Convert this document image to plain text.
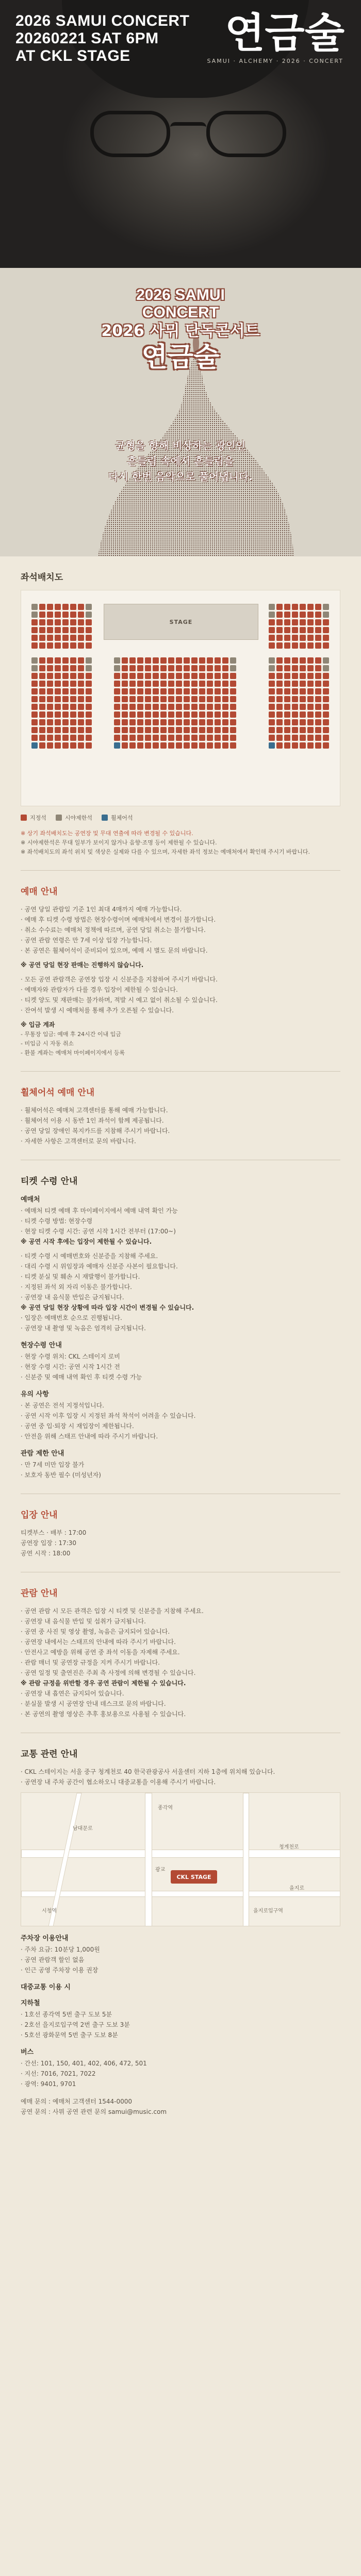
2026 SAMUI CONCERT
20260221 SAT 6PM
AT CKL STAGE	연금술
SAMUI · ALCHEMY · 2026 · CONCERT
2026 SAMUI
CONCERT
2026 사뮈 단독콘서트
연금술
균형을 향해 비상하는 광인인
흔들림 속에서 흔들림을
다시 한번 음악으로 풀어냅니다.
좌석배치도
STAGE
지정석	시야제한석	휠체어석
※ 상기 좌석배치도는 공연장 및 무대 연출에 따라 변경될 수 있습니다.
※ 시야제한석은 무대 일부가 보이지 않거나 음향·조명 등이 제한될 수 있습니다.
※ 좌석배치도의 좌석 위치 및 색상은 실제와 다를 수 있으며, 자세한 좌석 정보는 예매처에서 확인해 주시기 바랍니다.
예매 안내
· 공연 당일 관람일 기준 1인 최대 4매까지 예매 가능합니다.
· 예매 후 티켓 수령 방법은 현장수령이며 예매처에서 변경이 불가합니다.
· 취소 수수료는 예매처 정책에 따르며, 공연 당일 취소는 불가합니다.
· 공연 관람 연령은 만 7세 이상 입장 가능합니다.
· 본 공연은 휠체어석이 준비되어 있으며, 예매 시 별도 문의 바랍니다.
※ 공연 당일 현장 판매는 진행하지 않습니다.
· 모든 공연 관람객은 공연장 입장 시 신분증을 지참하여 주시기 바랍니다.
· 예매자와 관람자가 다를 경우 입장이 제한될 수 있습니다.
· 티켓 양도 및 재판매는 불가하며, 적발 시 예고 없이 취소될 수 있습니다.
· 잔여석 발생 시 예매처를 통해 추가 오픈될 수 있습니다.
※ 입금 계좌
- 무통장 입금: 예매 후 24시간 이내 입금
- 미입금 시 자동 취소
- 환불 계좌는 예매처 마이페이지에서 등록
휠체어석 예매 안내
· 휠체어석은 예매처 고객센터를 통해 예매 가능합니다.
· 휠체어석 이용 시 동반 1인 좌석이 함께 제공됩니다.
· 공연 당일 장애인 복지카드를 지참해 주시기 바랍니다.
· 자세한 사항은 고객센터로 문의 바랍니다.
티켓 수령 안내
예매처
· 예매처 티켓 예매 후 마이페이지에서 예매 내역 확인 가능
· 티켓 수령 방법: 현장수령
· 현장 티켓 수령 시간: 공연 시작 1시간 전부터 (17:00~)
※ 공연 시작 후에는 입장이 제한될 수 있습니다.
· 티켓 수령 시 예매번호와 신분증을 지참해 주세요.
· 대리 수령 시 위임장과 예매자 신분증 사본이 필요합니다.
· 티켓 분실 및 훼손 시 재발행이 불가합니다.
· 지정된 좌석 외 자리 이동은 불가합니다.
· 공연장 내 음식물 반입은 금지됩니다.
※ 공연 당일 현장 상황에 따라 입장 시간이 변경될 수 있습니다.
· 입장은 예매번호 순으로 진행됩니다.
· 공연장 내 촬영 및 녹음은 엄격히 금지됩니다.
현장수령 안내
· 현장 수령 위치: CKL 스테이지 로비
· 현장 수령 시간: 공연 시작 1시간 전
· 신분증 및 예매 내역 확인 후 티켓 수령 가능
유의 사항
· 본 공연은 전석 지정석입니다.
· 공연 시작 이후 입장 시 지정된 좌석 착석이 어려울 수 있습니다.
· 공연 중 입·퇴장 시 재입장이 제한됩니다.
· 안전을 위해 스태프 안내에 따라 주시기 바랍니다.
관람 제한 안내
· 만 7세 미만 입장 불가
· 보호자 동반 필수 (미성년자)
입장 안내
티켓부스 · 배부 : 17:00
공연장 입장 : 17:30
공연 시작 : 18:00
관람 안내
· 공연 관람 시 모든 관객은 입장 시 티켓 및 신분증을 지참해 주세요.
· 공연장 내 음식물 반입 및 섭취가 금지됩니다.
· 공연 중 사진 및 영상 촬영, 녹음은 금지되어 있습니다.
· 공연장 내에서는 스태프의 안내에 따라 주시기 바랍니다.
· 안전사고 예방을 위해 공연 중 좌석 이동을 자제해 주세요.
· 관람 매너 및 공연장 규정을 지켜 주시기 바랍니다.
· 공연 일정 및 출연진은 주최 측 사정에 의해 변경될 수 있습니다.
※ 관람 규정을 위반할 경우 공연 관람이 제한될 수 있습니다.
· 공연장 내 흡연은 금지되어 있습니다.
· 분실물 발생 시 공연장 안내 데스크로 문의 바랍니다.
· 본 공연의 촬영 영상은 추후 홍보용으로 사용될 수 있습니다.
교통 관련 안내
· CKL 스테이지는 서울 중구 청계천로 40 한국관광공사 서울센터 지하 1층에 위치해 있습니다.
· 공연장 내 주차 공간이 협소하오니 대중교통을 이용해 주시기 바랍니다.
청계천로
종각역
을지로입구역
광교
을지로
남대문로
시청역
CKL STAGE
주차장 이용안내
· 주차 요금: 10분당 1,000원
· 공연 관람객 할인 없음
· 인근 공영 주차장 이용 권장
대중교통 이용 시
지하철
· 1호선 종각역 5번 출구 도보 5분
· 2호선 을지로입구역 2번 출구 도보 3분
· 5호선 광화문역 5번 출구 도보 8분
버스
· 간선: 101, 150, 401, 402, 406, 472, 501
· 지선: 7016, 7021, 7022
· 광역: 9401, 9701
예매 문의 : 예매처 고객센터 1544-0000
공연 문의 : 사뮈 공연 관련 문의 samui@music.com
